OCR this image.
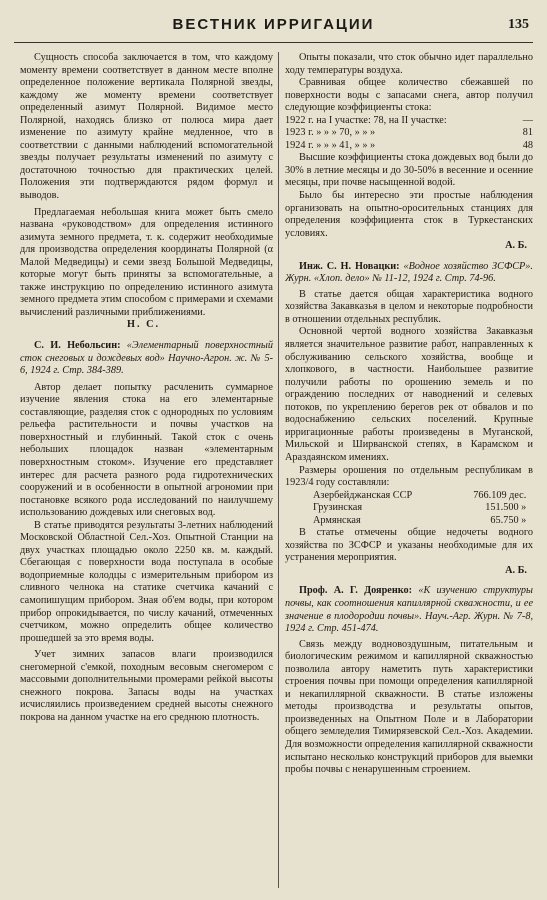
ВЕСТНИК ИРРИГАЦИИ	135

Сущность способа заключается в том, что каждому моменту времени соответствует в данном месте вполне определенное положение вертикала Полярной звезды, каждому же моменту времени соответствует определенный азимут Полярной. Видимое место Полярной, находясь близко от полюса мира дает изменение по азимуту крайне медленное, что в соответствии с данными наблюдений вспомогательной звезды получает результаты изменений по азимуту с достаточною точностью для практических целей. Положения эти подтверждаются рядом формул и выводов.

Предлагаемая небольшая книга может быть смело названа «руководством» для определения истинного азимута земного предмета, т. к. содержит необходимые для производства определения координаты Полярной (α Малой Медведицы) и семи звезд Большой Медведицы, которые могут быть приняты за вспомогательные, а также инструкцию по определению истинного азимута земного предмета этим способом с примерами и схемами вычислений различными приближениями.

Н. С.

С. И. Небольсин: «Элементарный поверхностный сток снеговых и дождевых вод» Научно-Агрон. ж. № 5-6, 1924 г. Стр. 384-389.

Автор делает попытку расчленить суммарное изучение явления стока на его элементарные составляющие, разделяя сток с однородных по условиям рельефа растительности и почвы участков на поверхностный и глубинный. Такой сток с очень небольших площадок назван «элементарным поверхностным стоком». Изучение его представляет интерес для расчета разного рода гидротехнических сооружений и в особенности в опытной агрономии при постановке всякого рода исследований по наилучшему использованию дождевых или снеговых вод.

В статье приводятся результаты 3-летних наблюдений Московской Областной Сел.-Хоз. Опытной Станции на двух участках площадью около 2250 кв. м. каждый. Сбегающая с поверхности вода поступала в особые водоприемные колодцы с измерительным прибором из сливного челнока на статике счетчика качаний с самопишущим прибором. Зная об'ем воды, при котором прибор опрокидывается, по числу качаний, отмеченных счетчиком, можно определить общее количество прошедшей за это время воды.

Учет зимних запасов влаги производился снегомерной с'емкой, походным весовым снегомером с массовыми дополнительными промерами рейкой высоты снежного покрова. Запасы воды на участках исчисляились произведением средней высоты снежного покрова на данном участке на его среднюю плотность.

Опыты показали, что сток обычно идет параллельно ходу температуры воздуха.

Сравнивая общее количество сбежавшей по поверхности воды с запасами снега, автор получил следующие коэффициенты стока:

1922 г. на I участке: 78, на II участке:	—
1923 г. » » » 70, » » »	81
1924 г. » » » 41, » » »	48

Высшие коэффициенты стока дождевых вод были до 30% в летние месяцы и до 30-50% в весенние и осенние месяцы, при почве насыщенной водой.

Было бы интересно эти простые наблюдения организовать на опытно-оросительных станциях для определения коэффициента сток в Туркестанских условиях.

А. Б.

Инж. С. Н. Новацки: «Водное хозяйство ЗСФСР». Журн. «Хлоп. дело» № 11-12, 1924 г. Стр. 74-96.

В статье дается общая характеристика водного хозяйства Закавказья в целом и некоторые подробности в отношении отдельных республик.

Основной чертой водного хозяйства Закавказья является значительное развитие работ, направленных к обслуживанию сельского хозяйства, вообще и хлопкового, в частности. Наибольшее развитие получили работы по орошению земель и по ограждению последних от наводнений и селевых потоков, по укреплению берегов рек от обвалов и по водоснабжению сельских поселений. Крупные ирригационные работы произведены в Муганской, Мильской и Ширванской степях, в Карамском и Араздаянском имениях.

Размеры орошения по отдельным республикам в 1923/4 году составляли:

Азербейджанская ССР	766.109 дес.
Грузинская	151.500 »
Армянская	65.750 »

В статье отмечены общие недочеты водного хозяйства по ЗСФСР и указаны необходимые для их устранения мероприятия.

А. Б.

Проф. А. Г. Дояренко: «К изучению структуры почвы, как соотношения капиллярной скважности, и ее значение в плодородии почвы». Науч.-Агр. Журн. № 7-8, 1924 г. Стр. 451-474.

Связь между водновоздушным, питательным и биологическим режимом и капиллярной скважностью позволила автору наметить путь характеристики строения почвы при помощи определения капиллярной и некапиллярной скважности. В статье изложены методы производства и результаты опытов, произведенных на Опытном Поле и в Лаборатории общего земледелия Тимирязевской Сел.-Хоз. Академии. Для возможности определения капиллярной скважности испытано несколько конструкций приборов для выемки пробы почвы с ненарушенным строением.
